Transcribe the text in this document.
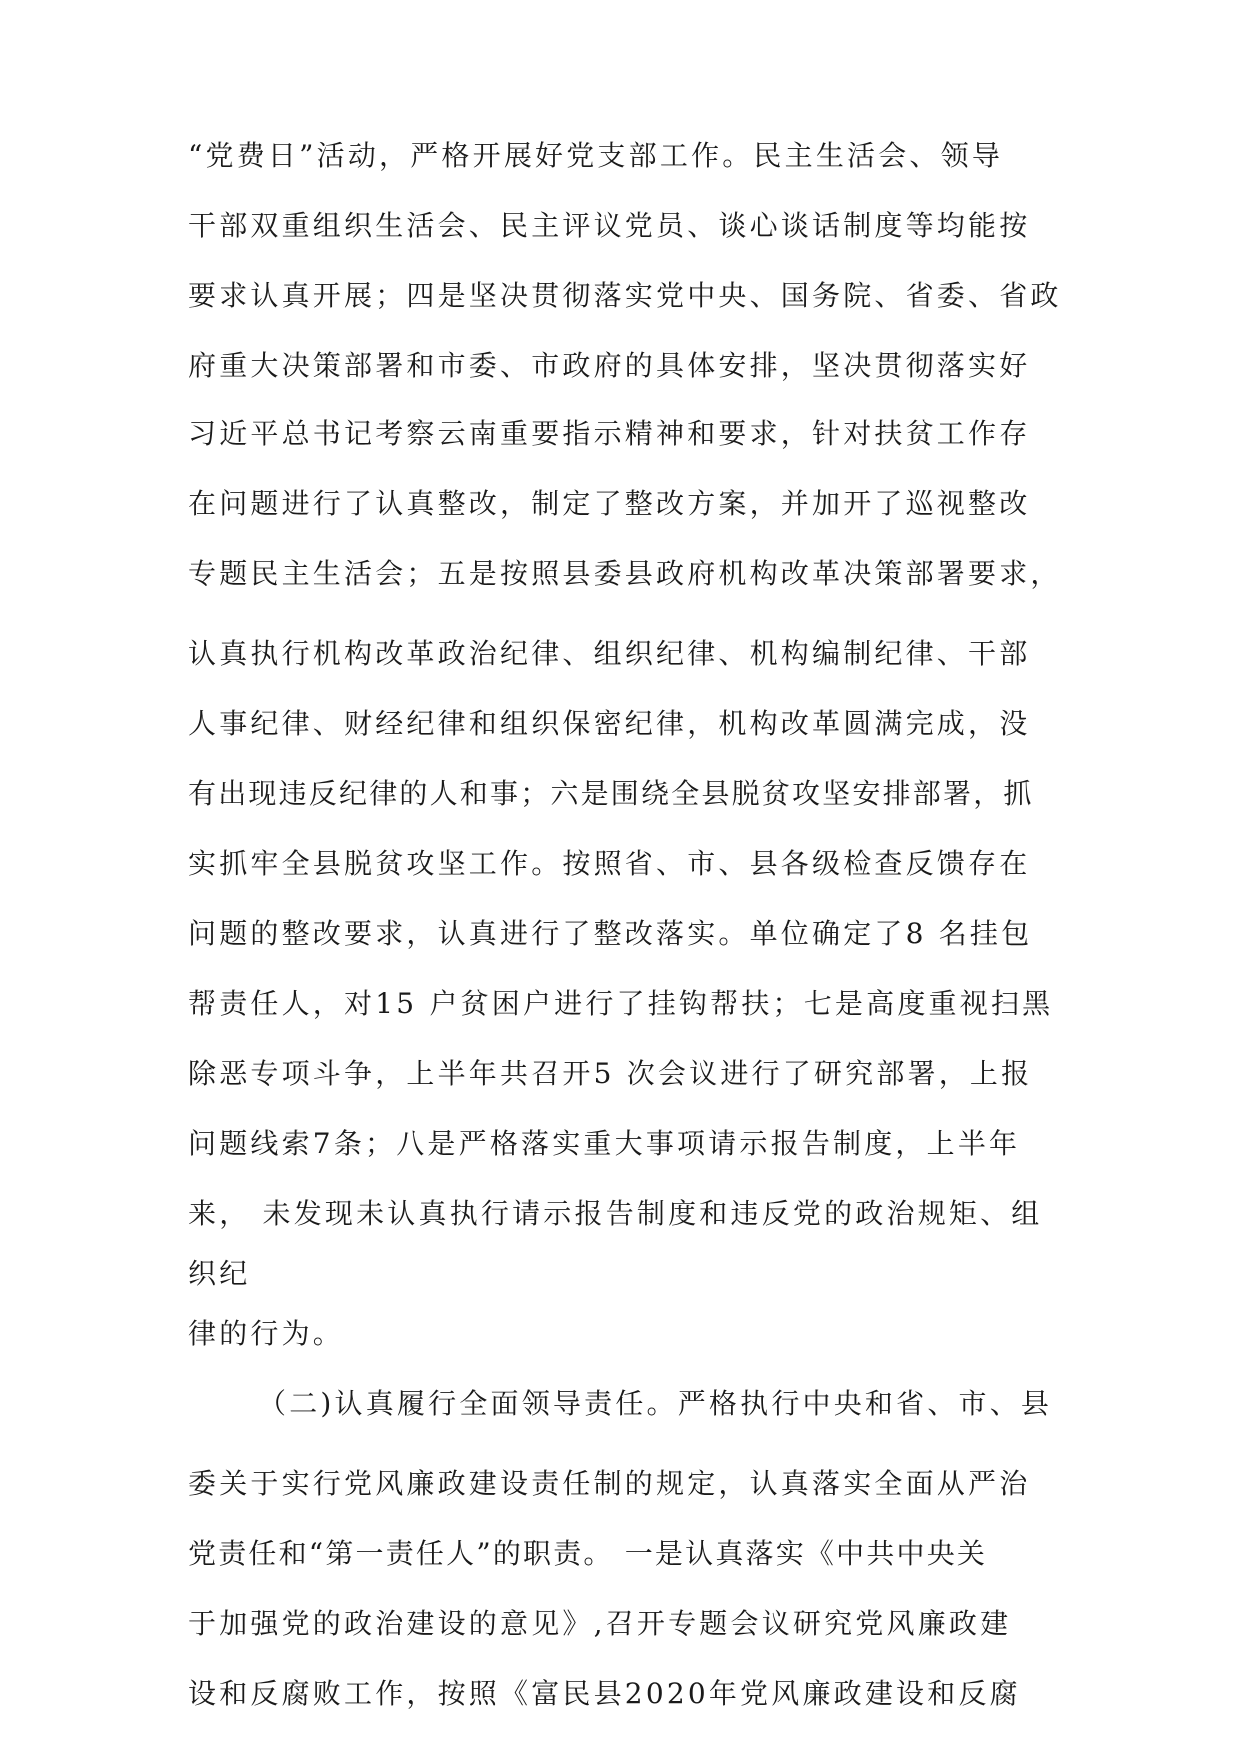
“党费日”活动，严格开展好党支部工作。民主生活会、领导
干部双重组织生活会、民主评议党员、谈心谈话制度等均能按
要求认真开展；四是坚决贯彻落实党中央、国务院、省委、省政
府重大决策部署和市委、市政府的具体安排，坚决贯彻落实好
习近平总书记考察云南重要指示精神和要求，针对扶贫工作存
在问题进行了认真整改，制定了整改方案，并加开了巡视整改
专题民主生活会；五是按照县委县政府机构改革决策部署要求，
认真执行机构改革政治纪律、组织纪律、机构编制纪律、干部
人事纪律、财经纪律和组织保密纪律，机构改革圆满完成，没
有出现违反纪律的人和事；六是围绕全县脱贫攻坚安排部署，抓
实抓牢全县脱贫攻坚工作。按照省、市、县各级检查反馈存在
问题的整改要求，认真进行了整改落实。单位确定了8 名挂包
帮责任人，对15 户贫困户进行了挂钩帮扶；七是高度重视扫黑
除恶专项斗争，上半年共召开5 次会议进行了研究部署，上报
问题线索7条；八是严格落实重大事项请示报告制度，上半年
来， 未发现未认真执行请示报告制度和违反党的政治规矩、组
织纪
律的行为。
（二)认真履行全面领导责任。严格执行中央和省、市、县
委关于实行党风廉政建设责任制的规定，认真落实全面从严治
党责任和“第一责任人”的职责。 一是认真落实《中共中央关
于加强党的政治建设的意见》,召开专题会议研究党风廉政建
设和反腐败工作，按照《富民县2020年党风廉政建设和反腐
